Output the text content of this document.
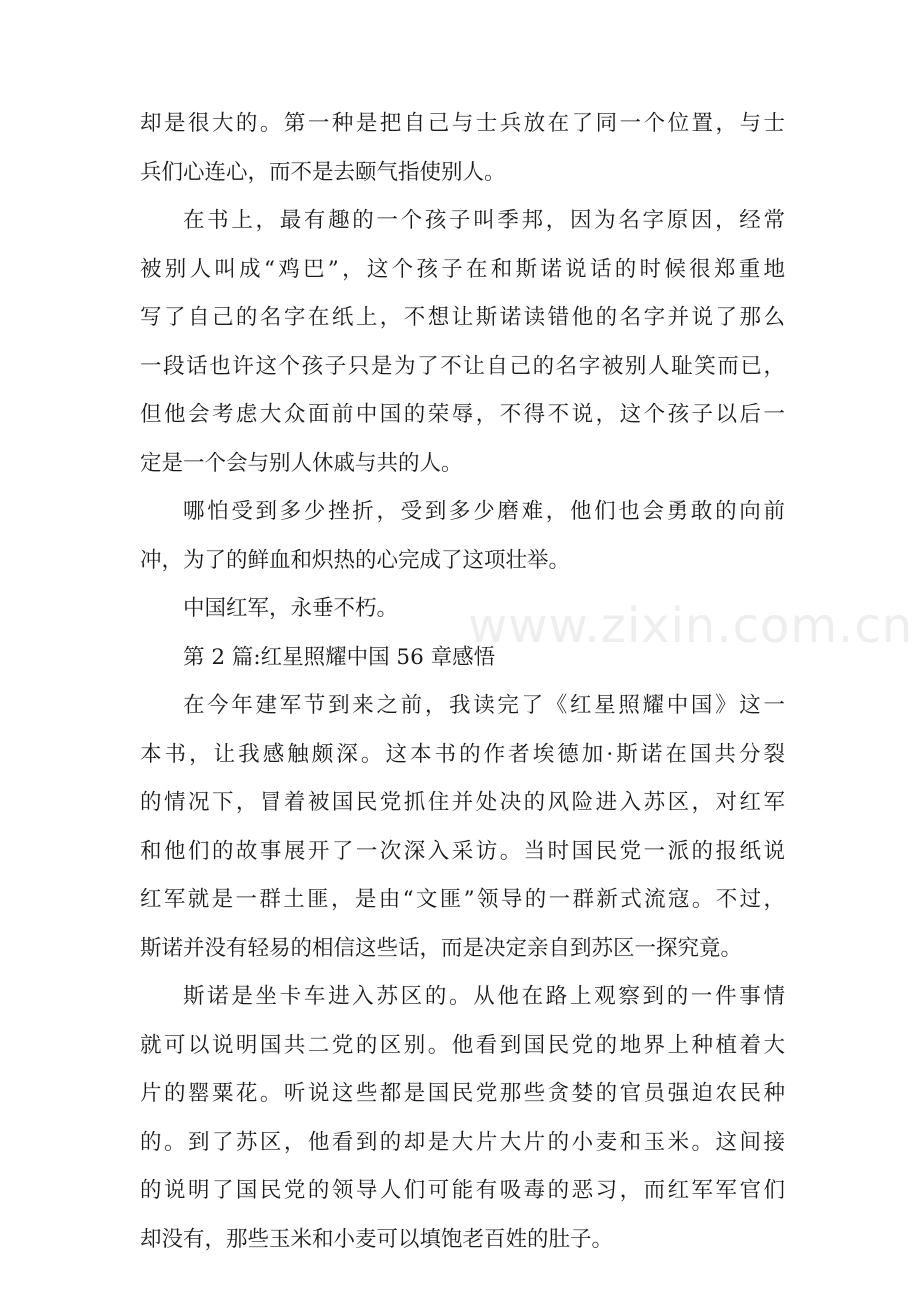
www.zixin.com.cn
却是很大的。第一种是把自己与士兵放在了同一个位置，与士
兵们心连心，而不是去颐气指使别人。
在书上，最有趣的一个孩子叫季邦，因为名字原因，经常
被别人叫成“鸡巴”，这个孩子在和斯诺说话的时候很郑重地
写了自己的名字在纸上，不想让斯诺读错他的名字并说了那么
一段话也许这个孩子只是为了不让自己的名字被别人耻笑而已，
但他会考虑大众面前中国的荣辱，不得不说，这个孩子以后一
定是一个会与别人休戚与共的人。
哪怕受到多少挫折，受到多少磨难，他们也会勇敢的向前
冲，为了的鲜血和炽热的心完成了这项壮举。
中国红军，永垂不朽。
第 2 篇:红星照耀中国 56 章感悟
在今年建军节到来之前，我读完了《红星照耀中国》这一
本书，让我感触颇深。这本书的作者埃德加·斯诺在国共分裂
的情况下，冒着被国民党抓住并处决的风险进入苏区，对红军
和他们的故事展开了一次深入采访。当时国民党一派的报纸说
红军就是一群土匪，是由“文匪”领导的一群新式流寇。不过，
斯诺并没有轻易的相信这些话，而是决定亲自到苏区一探究竟。
斯诺是坐卡车进入苏区的。从他在路上观察到的一件事情
就可以说明国共二党的区别。他看到国民党的地界上种植着大
片的罂粟花。听说这些都是国民党那些贪婪的官员强迫农民种
的。到了苏区，他看到的却是大片大片的小麦和玉米。这间接
的说明了国民党的领导人们可能有吸毒的恶习，而红军军官们
却没有，那些玉米和小麦可以填饱老百姓的肚子。
